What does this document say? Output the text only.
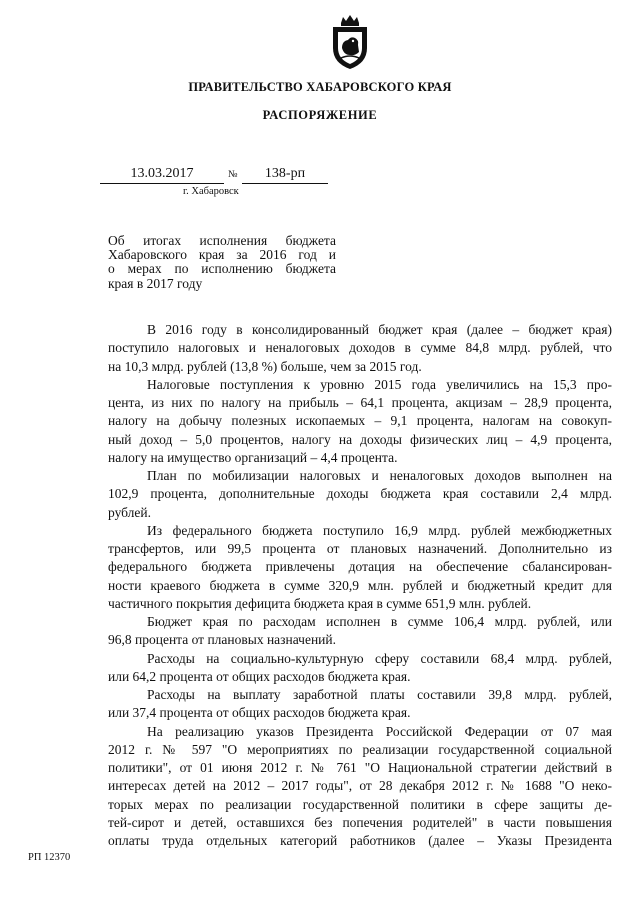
ПРАВИТЕЛЬСТВО ХАБАРОВСКОГО КРАЯ
РАСПОРЯЖЕНИЕ
13.03.2017	№	138-рп
г. Хабаровск

Об итогах исполнения бюджета

Хабаровского края за 2016 год и

о мерах по исполнению бюджета

края в 2017 году

В 2016 году в консолидированный бюджет края (далее – бюджет края)

поступило налоговых и неналоговых доходов в сумме 84,8 млрд. рублей, что

на 10,3 млрд. рублей (13,8 %) больше, чем за 2015 год.

Налоговые поступления к уровню 2015 года увеличились на 15,3 про-

цента, из них по налогу на прибыль – 64,1 процента, акцизам – 28,9 процента,

налогу на добычу полезных ископаемых – 9,1 процента, налогам на совокуп-

ный доход – 5,0 процентов, налогу на доходы физических лиц – 4,9 процента,

налогу на имущество организаций – 4,4 процента.

План по мобилизации налоговых и неналоговых доходов выполнен на

102,9 процента, дополнительные доходы бюджета края составили 2,4 млрд.

рублей.

Из федерального бюджета поступило 16,9 млрд. рублей межбюджетных

трансфертов, или 99,5 процента от плановых назначений. Дополнительно из

федерального бюджета привлечены дотация на обеспечение сбалансирован-

ности краевого бюджета в сумме 320,9 млн. рублей и бюджетный кредит для

частичного покрытия дефицита бюджета края в сумме 651,9 млн. рублей.

Бюджет края по расходам исполнен в сумме 106,4 млрд. рублей, или

96,8 процента от плановых назначений.

Расходы на социально-культурную сферу составили 68,4 млрд. рублей,

или 64,2 процента от общих расходов бюджета края.

Расходы на выплату заработной платы составили 39,8 млрд. рублей,

или 37,4 процента от общих расходов бюджета края.

На реализацию указов Президента Российской Федерации от 07 мая

2012 г. № 597 "О мероприятиях по реализации государственной социальной

политики", от 01 июня 2012 г. № 761 "О Национальной стратегии действий в

интересах детей на 2012 – 2017 годы", от 28 декабря 2012 г. № 1688 "О неко-

торых мерах по реализации государственной политики в сфере защиты де-

тей-сирот и детей, оставшихся без попечения родителей" в части повышения

оплаты труда отдельных категорий работников (далее – Указы Президента

РП 12370
